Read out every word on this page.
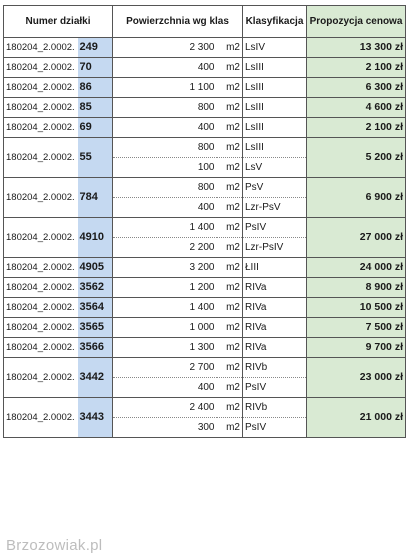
Numer działki		Powierzchnia wg klas		Klasyfikacja	Propozycja cenowa
180204_2.0002.	249	2 300	m2	LsIV	13 300 zł
180204_2.0002.	70	400	m2	LsIII	2 100 zł
180204_2.0002.	86	1 100	m2	LsIII	6 300 zł
180204_2.0002.	85	800	m2	LsIII	4 600 zł
180204_2.0002.	69	400	m2	LsIII	2 100 zł
180204_2.0002.	55	800	m2	LsIII	5 200 zł
		100	m2	LsV	
180204_2.0002.	784	800	m2	PsV	6 900 zł
		400	m2	Lzr-PsV	
180204_2.0002.	4910	1 400	m2	PsIV	27 000 zł
		2 200	m2	Lzr-PsIV	
180204_2.0002.	4905	3 200	m2	ŁIII	24 000 zł
180204_2.0002.	3562	1 200	m2	RIVa	8 900 zł
180204_2.0002.	3564	1 400	m2	RIVa	10 500 zł
180204_2.0002.	3565	1 000	m2	RIVa	7 500 zł
180204_2.0002.	3566	1 300	m2	RIVa	9 700 zł
180204_2.0002.	3442	2 700	m2	RIVb	23 000 zł
		400	m2	PsIV	
180204_2.0002.	3443	2 400	m2	RIVb	21 000 zł
		300	m2	PsIV	
Brzozowiak.pl
